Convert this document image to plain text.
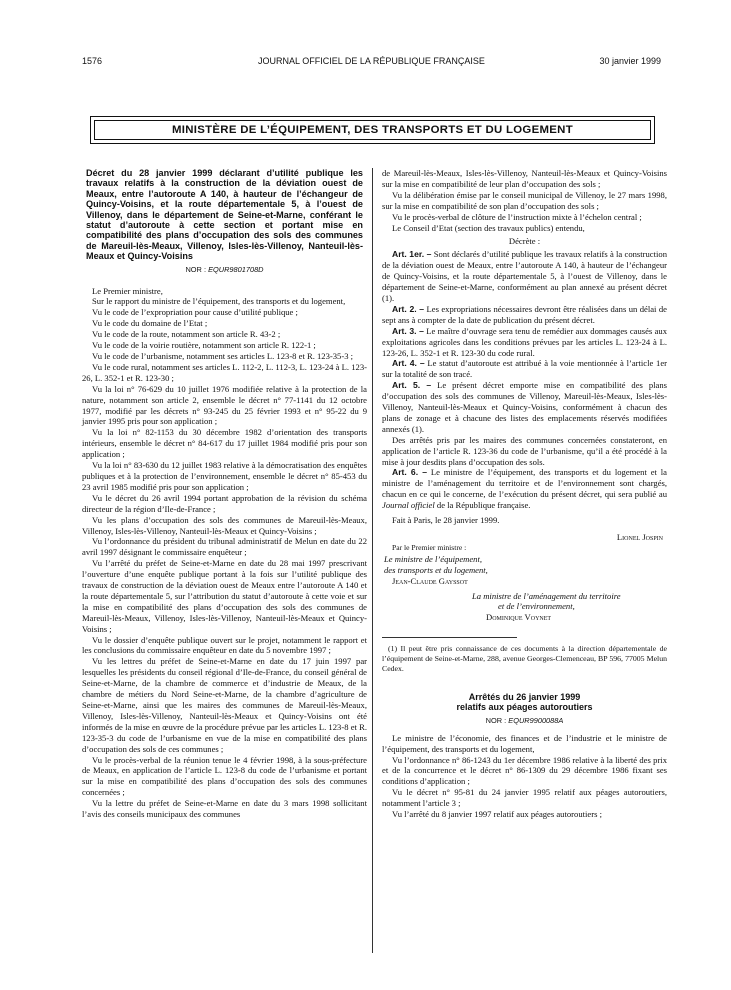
1576	JOURNAL OFFICIEL DE LA RÉPUBLIQUE FRANÇAISE	30 janvier 1999
MINISTÈRE DE L’ÉQUIPEMENT, DES TRANSPORTS ET DU LOGEMENT
Décret du 28 janvier 1999 déclarant d’utilité publique les travaux relatifs à la construction de la déviation ouest de Meaux, entre l’autoroute A 140, à hauteur de l’échangeur de Quincy-Voisins, et la route départementale 5, à l’ouest de Villenoy, dans le département de Seine-et-Marne, conférant le statut d’autoroute à cette section et portant mise en compatibilité des plans d’occupation des sols des communes de Mareuil-lès-Meaux, Villenoy, Isles-lès-Villenoy, Nanteuil-lès-Meaux et Quincy-Voisins
NOR : EQUR9801708D

Le Premier ministre,

Sur le rapport du ministre de l’équipement, des transports et du logement,

Vu le code de l’expropriation pour cause d’utilité publique ;

Vu le code du domaine de l’Etat ;

Vu le code de la route, notamment son article R. 43-2 ;

Vu le code de la voirie routière, notamment son article R. 122-1 ;

Vu le code de l’urbanisme, notamment ses articles L. 123-8 et R. 123-35-3 ;

Vu le code rural, notamment ses articles L. 112-2, L. 112-3, L. 123-24 à L. 123-26, L. 352-1 et R. 123-30 ;

Vu la loi n° 76-629 du 10 juillet 1976 modifiée relative à la protection de la nature, notamment son article 2, ensemble le décret n° 77-1141 du 12 octobre 1977, modifié par les décrets n° 93-245 du 25 février 1993 et n° 95-22 du 9 janvier 1995 pris pour son application ;

Vu la loi n° 82-1153 du 30 décembre 1982 d’orientation des transports intérieurs, ensemble le décret n° 84-617 du 17 juillet 1984 modifié pris pour son application ;

Vu la loi n° 83-630 du 12 juillet 1983 relative à la démocratisation des enquêtes publiques et à la protection de l’environnement, ensemble le décret n° 85-453 du 23 avril 1985 modifié pris pour son application ;

Vu le décret du 26 avril 1994 portant approbation de la révision du schéma directeur de la région d’Ile-de-France ;

Vu les plans d’occupation des sols des communes de Mareuil-lès-Meaux, Villenoy, Isles-lès-Villenoy, Nanteuil-lès-Meaux et Quincy-Voisins ;

Vu l’ordonnance du président du tribunal administratif de Melun en date du 22 avril 1997 désignant le commissaire enquêteur ;

Vu l’arrêté du préfet de Seine-et-Marne en date du 28 mai 1997 prescrivant l’ouverture d’une enquête publique portant à la fois sur l’utilité publique des travaux de construction de la déviation ouest de Meaux entre l’autoroute A 140 et la route départementale 5, sur l’attribution du statut d’autoroute à cette voie et sur la mise en compatibilité des plans d’occupation des sols des communes de Mareuil-lès-Meaux, Villenoy, Isles-lès-Villenoy, Nanteuil-lès-Meaux et Quincy-Voisins ;

Vu le dossier d’enquête publique ouvert sur le projet, notamment le rapport et les conclusions du commissaire enquêteur en date du 5 novembre 1997 ;

Vu les lettres du préfet de Seine-et-Marne en date du 17 juin 1997 par lesquelles les présidents du conseil régional d’Ile-de-France, du conseil général de Seine-et-Marne, de la chambre de commerce et d’industrie de Meaux, de la chambre de métiers du Nord Seine-et-Marne, de la chambre d’agriculture de Seine-et-Marne, ainsi que les maires des communes de Mareuil-lès-Meaux, Villenoy, Isles-lès-Villenoy, Nanteuil-lès-Meaux et Quincy-Voisins ont été informés de la mise en œuvre de la procédure prévue par les articles L. 123-8 et R. 123-35-3 du code de l’urbanisme en vue de la mise en compatibilité des plans d’occupation des sols de ces communes ;

Vu le procès-verbal de la réunion tenue le 4 février 1998, à la sous-préfecture de Meaux, en application de l’article L. 123-8 du code de l’urbanisme et portant sur la mise en compatibilité des plans d’occupation des sols des communes concernées ;

Vu la lettre du préfet de Seine-et-Marne en date du 3 mars 1998 sollicitant l’avis des conseils municipaux des communes

de Mareuil-lès-Meaux, Isles-lès-Villenoy, Nanteuil-lès-Meaux et Quincy-Voisins sur la mise en compatibilité de leur plan d’occupation des sols ;

Vu la délibération émise par le conseil municipal de Villenoy, le 27 mars 1998, sur la mise en compatibilité de son plan d’occupation des sols ;

Vu le procès-verbal de clôture de l’instruction mixte à l’échelon central ;

Le Conseil d’Etat (section des travaux publics) entendu,

Décrète :

Art. 1er. – Sont déclarés d’utilité publique les travaux relatifs à la construction de la déviation ouest de Meaux, entre l’autoroute A 140, à hauteur de l’échangeur de Quincy-Voisins, et la route départementale 5, à l’ouest de Villenoy, dans le département de Seine-et-Marne, conformément au plan annexé au présent décret (1).

Art. 2. – Les expropriations nécessaires devront être réalisées dans un délai de sept ans à compter de la date de publication du présent décret.

Art. 3. – Le maître d’ouvrage sera tenu de remédier aux dommages causés aux exploitations agricoles dans les conditions prévues par les articles L. 123-24 à L. 123-26, L. 352-1 et R. 123-30 du code rural.

Art. 4. – Le statut d’autoroute est attribué à la voie mentionnée à l’article 1er sur la totalité de son tracé.

Art. 5. – Le présent décret emporte mise en compatibilité des plans d’occupation des sols des communes de Villenoy, Mareuil-lès-Meaux, Isles-lès-Villenoy, Nanteuil-lès-Meaux et Quincy-Voisins, conformément à chacun des plans de zonage et à chacune des listes des emplacements réservés modifiées annexés (1).

Des arrêtés pris par les maires des communes concernées constateront, en application de l’article R. 123-36 du code de l’urbanisme, qu’il a été procédé à la mise à jour desdits plans d’occupation des sols.

Art. 6. – Le ministre de l’équipement, des transports et du logement et la ministre de l’aménagement du territoire et de l’environnement sont chargés, chacun en ce qui le concerne, de l’exécution du présent décret, qui sera publié au Journal officiel de la République française.

Fait à Paris, le 28 janvier 1999.

Lionel Jospin

Par le Premier ministre :

Le ministre de l’équipement,

des transports et du logement,

Jean-Claude Gayssot

La ministre de l’aménagement du territoire

et de l’environnement,

Dominique Voynet

(1) Il peut être pris connaissance de ces documents à la direction départementale de l’équipement de Seine-et-Marne, 288, avenue Georges-Clemenceau, BP 596, 77005 Melun Cedex.

Arrêtés du 26 janvier 1999
relatifs aux péages autoroutiers
NOR : EQUR9900088A

Le ministre de l’économie, des finances et de l’industrie et le ministre de l’équipement, des transports et du logement,

Vu l’ordonnance n° 86-1243 du 1er décembre 1986 relative à la liberté des prix et de la concurrence et le décret n° 86-1309 du 29 décembre 1986 fixant ses conditions d’application ;

Vu le décret n° 95-81 du 24 janvier 1995 relatif aux péages autoroutiers, notamment l’article 3 ;

Vu l’arrêté du 8 janvier 1997 relatif aux péages autoroutiers ;
